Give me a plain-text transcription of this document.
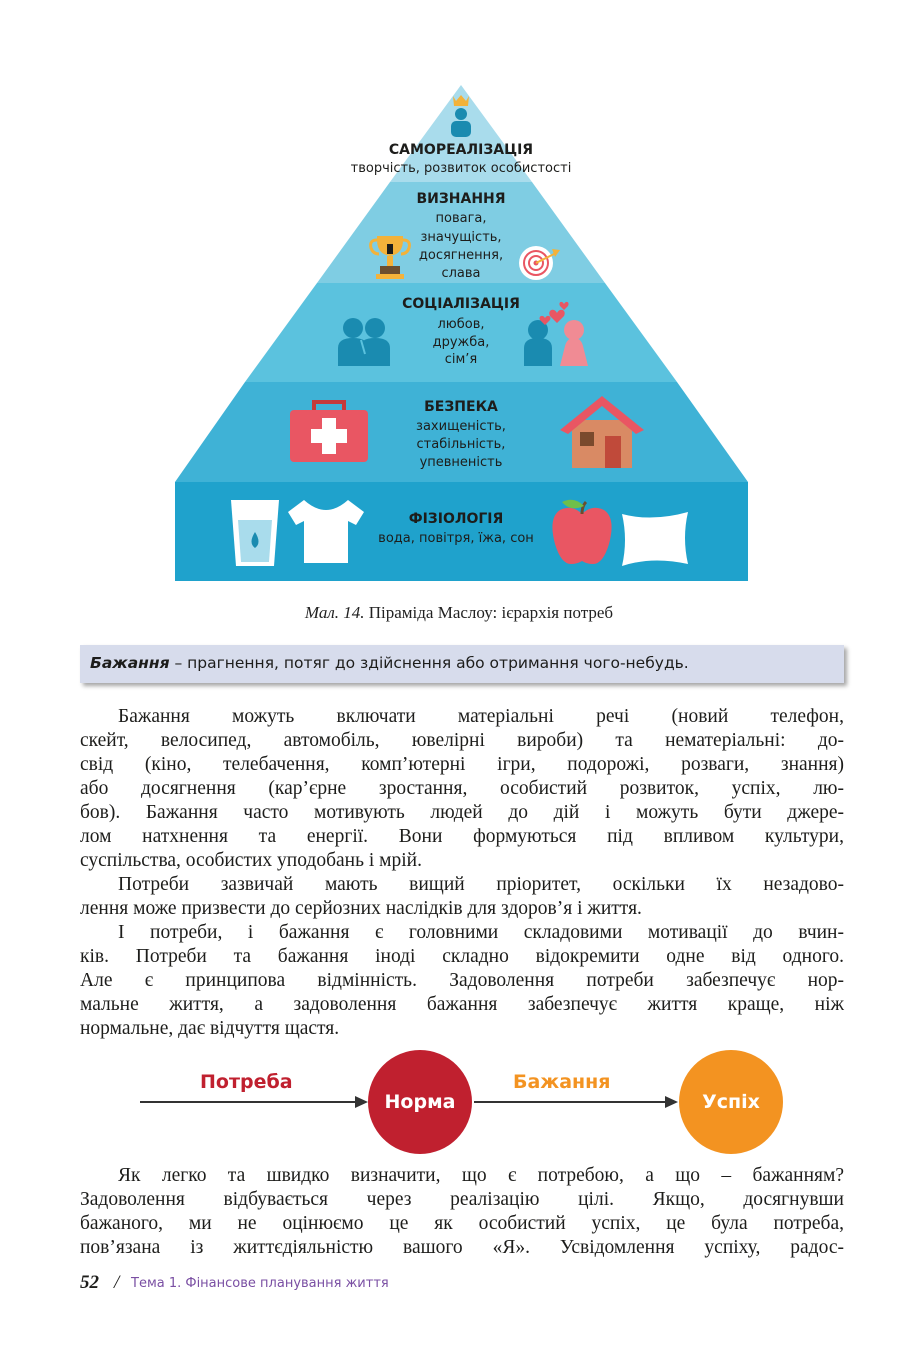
САМОРЕАЛІЗАЦІЯ
творчість, розвиток особистості
ВИЗНАННЯ
повага,
значущість,
досягнення,
слава
СОЦІАЛІЗАЦІЯ
любов,
дружба,
сім’я
БЕЗПЕКА
захищеність,
стабільність,
упевненість
ФІЗІОЛОГІЯ
вода, повітря, їжа, сон
Мал. 14. Піраміда Маслоу: ієрархія потреб
Бажання – прагнення, потяг до здійснення або отримання чого-небудь.
Бажання можуть включати матеріальні речі (новий телефон,
скейт, велосипед, автомобіль, ювелірні вироби) та нематеріальні: до-
свід (кіно, телебачення, комп’ютерні ігри, подорожі, розваги, знання)
або досягнення (кар’єрне зростання, особистий розвиток, успіх, лю-
бов). Бажання часто мотивують людей до дій і можуть бути джере-
лом натхнення та енергії. Вони формуються під впливом культури,
суспільства, особистих уподобань і мрій.
Потреби зазвичай мають вищий пріоритет, оскільки їх незадово-
лення може призвести до серйозних наслідків для здоров’я і життя.
І потреби, і бажання є головними складовими мотивації до вчин-
ків. Потреби та бажання іноді складно відокремити одне від одного.
Але є принципова відмінність. Задоволення потреби забезпечує нор-
мальне життя, а задоволення бажання забезпечує життя краще, ніж
нормальне, дає відчуття щастя.
Потреба
Норма
Бажання
Успіх
Як легко та швидко визначити, що є потребою, а що – бажанням?
Задоволення відбувається через реалізацію цілі. Якщо, досягнувши
бажаного, ми не оцінюємо це як особистий успіх, це була потреба,
пов’язана із життєдіяльністю вашого «Я». Усвідомлення успіху, радос-
52 / Тема 1. Фінансове планування життя
